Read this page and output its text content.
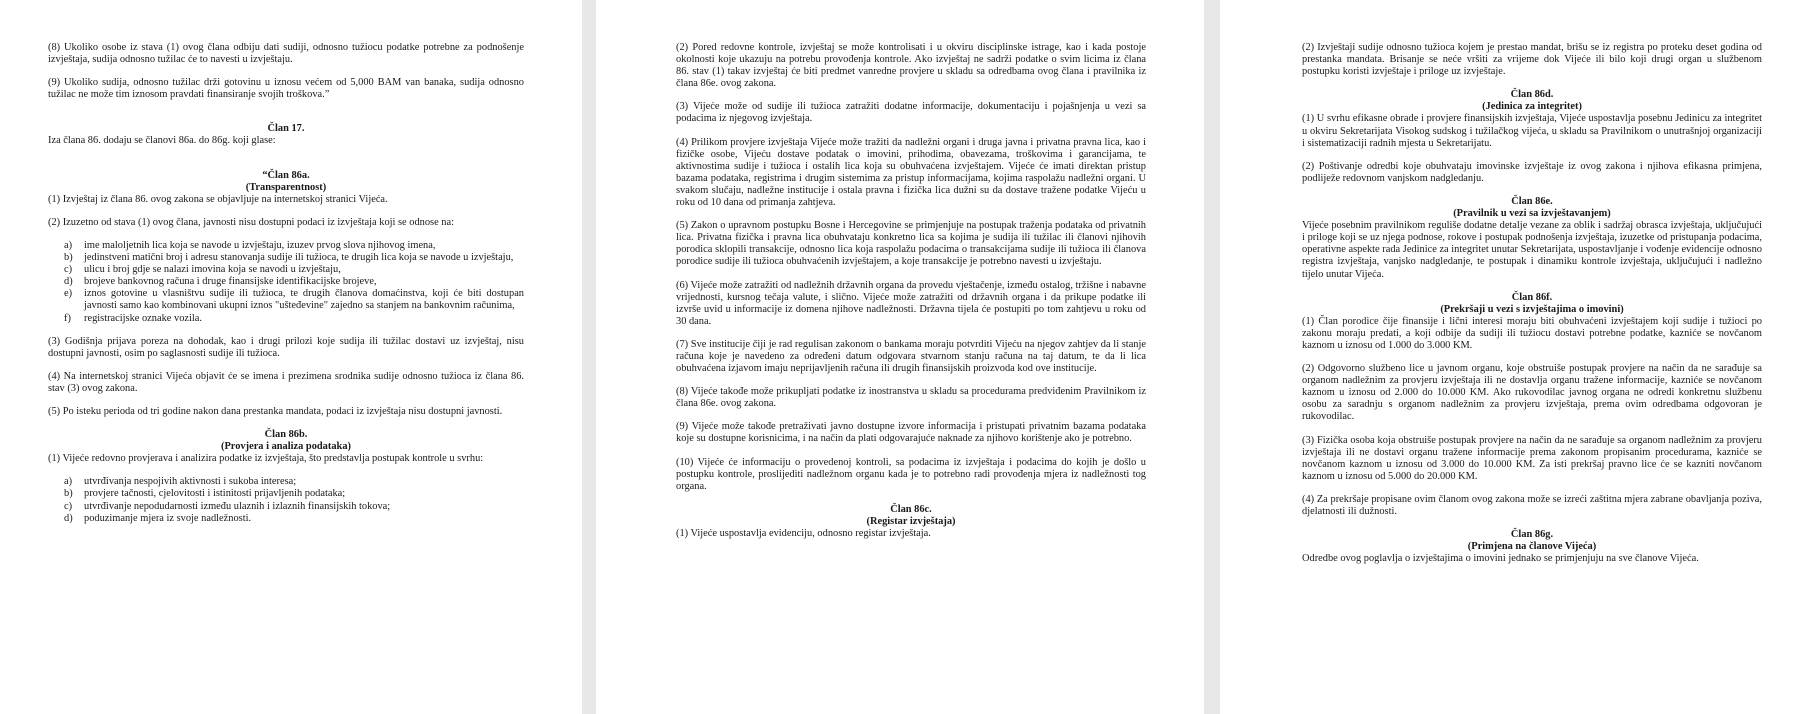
(8) Ukoliko osobe iz stava (1) ovog člana odbiju dati sudiji, odnosno tužiocu podatke potrebne za podnošenje izvještaja, sudija odnosno tužilac će to navesti u izvještaju.

(9) Ukoliko sudija, odnosno tužilac drži gotovinu u iznosu većem od 5,000 BAM van banaka, sudija odnosno tužilac ne može tim iznosom pravdati finansiranje svojih troškova.”

Član 17.

Iza člana 86. dodaju se članovi 86a. do 86g. koji glase:

“Član 86a.
(Transparentnost)

(1) Izvještaj iz člana 86. ovog zakona se objavljuje na internetskoj stranici Vijeća.

(2) Izuzetno od stava (1) ovog člana, javnosti nisu dostupni podaci iz izvještaja koji se odnose na:

a) ime maloljetnih lica koja se navode u izvještaju, izuzev prvog slova njihovog imena,
b) jedinstveni matični broj i adresu stanovanja sudije ili tužioca, te drugih lica koja se navode u izvještaju,
c) ulicu i broj gdje se nalazi imovina koja se navodi u izvještaju,
d) brojeve bankovnog računa i druge finansijske identifikacijske brojeve,
e) iznos gotovine u vlasništvu sudije ili tužioca, te drugih članova domaćinstva, koji će biti dostupan javnosti samo kao kombinovani ukupni iznos "ušteđevine" zajedno sa stanjem na bankovnim računima,
f) registracijske oznake vozila.

(3) Godišnja prijava poreza na dohodak, kao i drugi prilozi koje sudija ili tužilac dostavi uz izvještaj, nisu dostupni javnosti, osim po saglasnosti sudije ili tužioca.

(4) Na internetskoj stranici Vijeća objavit će se imena i prezimena srodnika sudije odnosno tužioca iz člana 86. stav (3) ovog zakona.

(5) Po isteku perioda od tri godine nakon dana prestanka mandata, podaci iz izvještaja nisu dostupni javnosti.

Član 86b.
(Provjera i analiza podataka)

(1) Vijeće redovno provjerava i analizira podatke iz izvještaja, što predstavlja postupak kontrole u svrhu:

a) utvrđivanja nespojivih aktivnosti i sukoba interesa;
b) provjere tačnosti, cjelovitosti i istinitosti prijavljenih podataka;
c) utvrđivanje nepodudarnosti između ulaznih i izlaznih finansijskih tokova;
d) poduzimanje mjera iz svoje nadležnosti.

(2) Pored redovne kontrole, izvještaj se može kontrolisati i u okviru disciplinske istrage, kao i kada postoje okolnosti koje ukazuju na potrebu provođenja kontrole. Ako izvještaj ne sadrži podatke o svim licima iz člana 86. stav (1) takav izvještaj će biti predmet vanredne provjere u skladu sa odredbama ovog člana i pravilnika iz člana 86e. ovog zakona.

(3) Vijeće može od sudije ili tužioca zatražiti dodatne informacije, dokumentaciju i pojašnjenja u vezi sa podacima iz njegovog izvještaja.

(4) Prilikom provjere izvještaja Vijeće može tražiti da nadležni organi i druga javna i privatna pravna lica, kao i fizičke osobe, Vijeću dostave podatak o imovini, prihodima, obavezama, troškovima i garancijama, te aktivnostima sudije i tužioca i ostalih lica koja su obuhvaćena izvještajem. Vijeće će imati direktan pristup bazama podataka, registrima i drugim sistemima za pristup informacijama, kojima raspolažu nadležni organi. U svakom slučaju, nadležne institucije i ostala pravna i fizička lica dužni su da dostave tražene podatke Vijeću u roku od 10 dana od primanja zahtjeva.

(5) Zakon o upravnom postupku Bosne i Hercegovine se primjenjuje na postupak traženja podataka od privatnih lica. Privatna fizička i pravna lica obuhvataju konkretno lica sa kojima je sudija ili tužilac ili članovi njihovih porodica sklopili transakcije, odnosno lica koja raspolažu podacima o transakcijama sudije ili tužioca ili članova porodice sudije ili tužioca obuhvaćenih izvještajem, a koje transakcije je potrebno navesti u izvještaju.

(6) Vijeće može zatražiti od nadležnih državnih organa da provedu vještačenje, između ostalog, tržišne i nabavne vrijednosti, kursnog tečaja valute, i slično. Vijeće može zatražiti od državnih organa i da prikupe podatke ili izvrše uvid u informacije iz domena njihove nadležnosti. Državna tijela će postupiti po tom zahtjevu u roku od 30 dana.

(7) Sve institucije čiji je rad regulisan zakonom o bankama moraju potvrditi Vijeću na njegov zahtjev da li stanje računa koje je navedeno za određeni datum odgovara stvarnom stanju računa na taj datum, te da li lica obuhvaćena izjavom imaju neprijavljenih računa ili drugih finansijskih proizvoda kod ove institucije.

(8) Vijeće takođe može prikupljati podatke iz inostranstva u skladu sa procedurama predviđenim Pravilnikom iz člana 86e. ovog zakona.

(9) Vijeće može takođe pretraživati javno dostupne izvore informacija i pristupati privatnim bazama podataka koje su dostupne korisnicima, i na način da plati odgovarajuće naknade za njihovo korištenje ako je potrebno.

(10) Vijeće će informaciju o provedenoj kontroli, sa podacima iz izvještaja i podacima do kojih je došlo u postupku kontrole, proslijediti nadležnom organu kada je to potrebno radi provođenja mjera iz nadležnosti tog organa.

Član 86c.
(Registar izvještaja)

(1) Vijeće uspostavlja evidenciju, odnosno registar izvještaja.

(2) Izvještaji sudije odnosno tužioca kojem je prestao mandat, brišu se iz registra po proteku deset godina od prestanka mandata. Brisanje se neće vršiti za vrijeme dok Vijeće ili bilo koji drugi organ u službenom postupku koristi izvještaje i priloge uz izvještaje.

Član 86d.
(Jedinica za integritet)

(1) U svrhu efikasne obrade i provjere finansijskih izvještaja, Vijeće uspostavlja posebnu Jedinicu za integritet u okviru Sekretarijata Visokog sudskog i tužilačkog vijeća, u skladu sa Pravilnikom o unutrašnjoj organizaciji i sistematizaciji radnih mjesta u Sekretarijatu.

(2) Poštivanje odredbi koje obuhvataju imovinske izvještaje iz ovog zakona i njihova efikasna primjena, podliježe redovnom vanjskom nadgledanju.

Član 86e.
(Pravilnik u vezi sa izvještavanjem)

Vijeće posebnim pravilnikom reguliše dodatne detalje vezane za oblik i sadržaj obrasca izvještaja, uključujući i priloge koji se uz njega podnose, rokove i postupak podnošenja izvještaja, izuzetke od pristupanja podacima, operativne aspekte rada Jedinice za integritet unutar Sekretarijata, uspostavljanje i vođenje evidencije odnosno registra izvještaja, vanjsko nadgledanje, te postupak i dinamiku kontrole izvještaja, uključujući i nadležno tijelo unutar Vijeća.

Član 86f.
(Prekršaji u vezi s izvještajima o imovini)

(1) Član porodice čije finansije i lični interesi moraju biti obuhvaćeni izvještajem koji sudije i tužioci po zakonu moraju predati, a koji odbije da sudiji ili tužiocu dostavi potrebne podatke, kazniće se novčanom kaznom u iznosu od 1.000 do 3.000 KM.

(2) Odgovorno službeno lice u javnom organu, koje obstruiše postupak provjere na način da ne sarađuje sa organom nadležnim za provjeru izvještaja ili ne dostavlja organu tražene informacije, kazniće se novčanom kaznom u iznosu od 2.000 do 10.000 KM. Ako rukovodilac javnog organa ne odredi konkretnu službenu osobu za saradnju s organom nadležnim za provjeru izvještaja, prema ovim odredbama odgovoran je rukovodilac.

(3) Fizička osoba koja obstruiše postupak provjere na način da ne sarađuje sa organom nadležnim za provjeru izvještaja ili ne dostavi organu tražene informacije prema zakonom propisanim procedurama, kazniće se novčanom kaznom u iznosu od 3.000 do 10.000 KM. Za isti prekršaj pravno lice će se kazniti novčanom kaznom u iznosu od 5.000 do 20.000 KM.

(4) Za prekršaje propisane ovim članom ovog zakona može se izreći zaštitna mjera zabrane obavljanja poziva, djelatnosti ili dužnosti.

Član 86g.
(Primjena na članove Vijeća)

Odredbe ovog poglavlja o izvještajima o imovini jednako se primjenjuju na sve članove Vijeća.
